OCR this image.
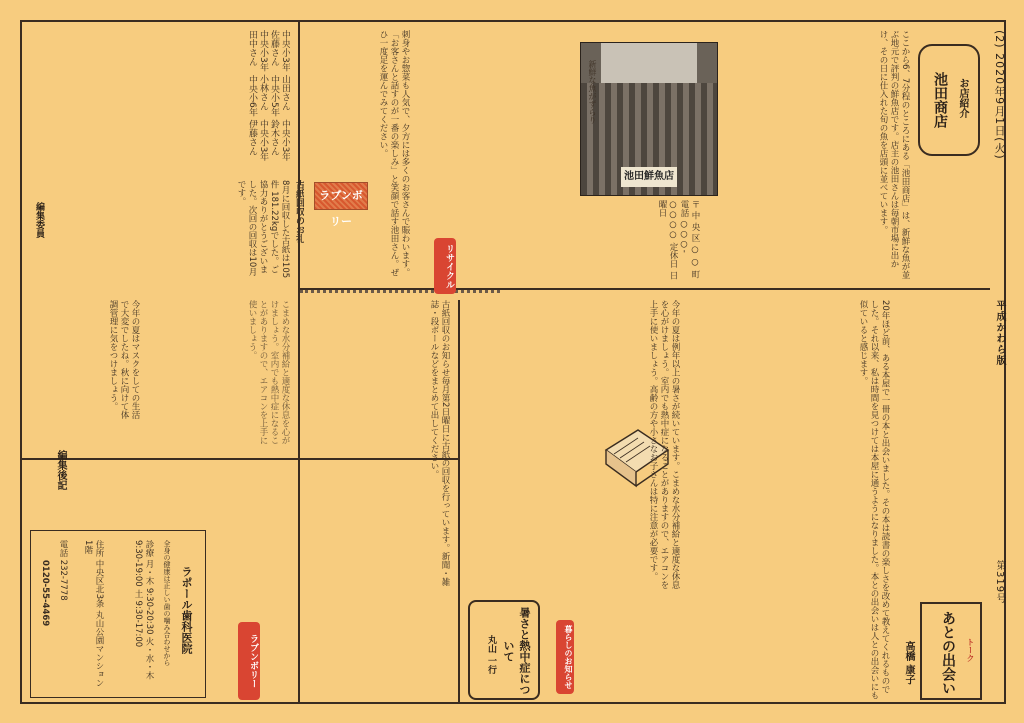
(2) 2020年9月1日(火)
平成かわら版
第319号
お店紹介
池田商店
ここから6、7分程のところにある「池田商店」は、新鮮な魚が並ぶ地元で評判の鮮魚店です。店主の池田さんは毎朝市場に出かけ、その日に仕入れた旬の魚を店頭に並べています。
刺身やお惣菜も人気で、夕方には多くのお客さんで賑わいます。「お客さんと話すのが一番の楽しみ」と笑顔で話す池田さん。ぜひ一度足を運んでみてください。
池田鮮魚店
新鮮な魚がずらり
〒 中 央 区 ○ ○ 町 電話 ○○○-○○○○ 定休日 日曜日
トーク
あとの出会い
高橋 康子
20年ほど前、ある本屋で一冊の本と出会いました。その本は読書の楽しさを改めて教えてくれるものでした。それ以来、私は時間を見つけては本屋に通うようになりました。本との出会いは人との出会いにも似ていると感じます。
暮らしのお知らせ
暑さと熱中症について
丸山 一行
今年の夏は例年以上の暑さが続いています。こまめな水分補給と適度な休息を心がけましょう。室内でも熱中症になることがありますので、エアコンを上手に使いましょう。高齢の方や小さなお子さんは特に注意が必要です。
リサイクル
ラブンボリー
古紙回収のお礼
8月に回収した古紙は105件 181.22kgでした。ご協力ありがとうございました。次回の回収は10月です。
古紙回収のお知らせ毎月第2日曜日に古紙の回収を行っています。新聞・雑誌・段ボールなどをまとめて出してください。
ラブンボリー
ラポール歯科医院
全身の健康は正しい歯の噛み合わせから
診療 月・木 9:30-20:30 火・水・木 9:30-19:00 土 9:30-17:00
住所 中央区北3条 丸山公園マンション1階
電話 232-7778
0120-55-4469
編集後記
今年の夏はマスクをしての生活で大変でしたね。秋に向けて体調管理に気をつけましょう。
中央小3年 山田さん　中央小3年 佐藤さん　中央小5年 鈴木さん　中央小3年 小林さん　中央小3年 田中さん　中央小6年 伊藤さん
編集委員
こまめな水分補給と適度な休息を心がけましょう。室内でも熱中症になることがありますので、エアコンを上手に使いましょう。
